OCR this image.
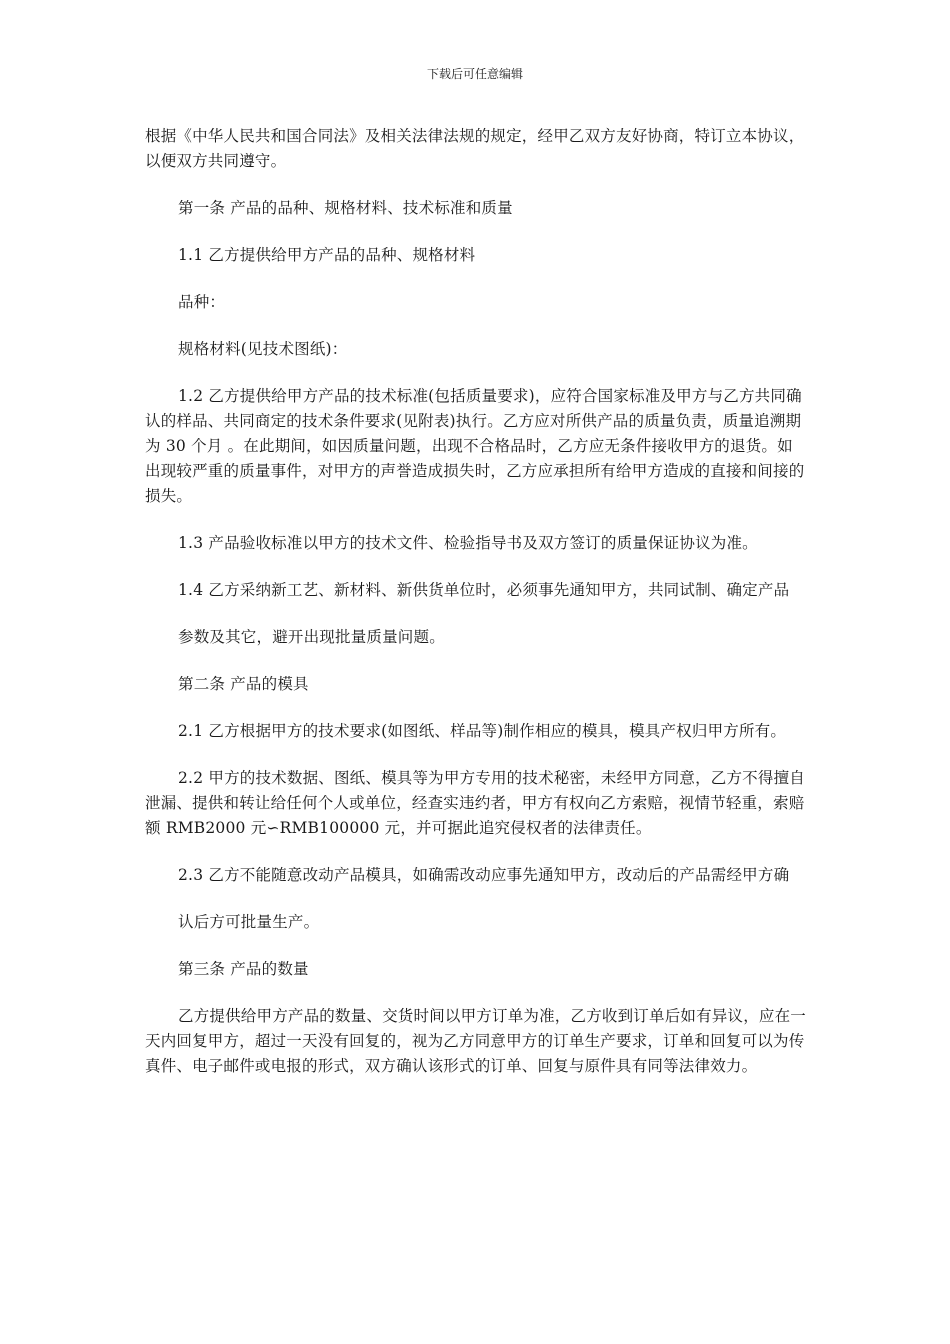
下载后可任意编辑

根据《中华人民共和国合同法》及相关法律法规的规定，经甲乙双方友好协商，特订立本协议，以便双方共同遵守。

第一条 产品的品种、规格材料、技术标准和质量

1.1 乙方提供给甲方产品的品种、规格材料

品种：

规格材料(见技术图纸)：

1.2 乙方提供给甲方产品的技术标准(包括质量要求)，应符合国家标准及甲方与乙方共同确认的样品、共同商定的技术条件要求(见附表)执行。乙方应对所供产品的质量负责，质量追溯期为 30 个月 。在此期间，如因质量问题，出现不合格品时，乙方应无条件接收甲方的退货。如出现较严重的质量事件，对甲方的声誉造成损失时，乙方应承担所有给甲方造成的直接和间接的损失。

1.3 产品验收标准以甲方的技术文件、检验指导书及双方签订的质量保证协议为准。

1.4 乙方采纳新工艺、新材料、新供货单位时，必须事先通知甲方，共同试制、确定产品

参数及其它，避开出现批量质量问题。

第二条 产品的模具

2.1 乙方根据甲方的技术要求(如图纸、样品等)制作相应的模具，模具产权归甲方所有。

2.2 甲方的技术数据、图纸、模具等为甲方专用的技术秘密，未经甲方同意，乙方不得擅自泄漏、提供和转让给任何个人或单位，经查实违约者，甲方有权向乙方索赔，视情节轻重，索赔额 RMB2000 元∽RMB100000 元，并可据此追究侵权者的法律责任。

2.3 乙方不能随意改动产品模具，如确需改动应事先通知甲方，改动后的产品需经甲方确

认后方可批量生产。

第三条 产品的数量

乙方提供给甲方产品的数量、交货时间以甲方订单为准，乙方收到订单后如有异议，应在一天内回复甲方，超过一天没有回复的，视为乙方同意甲方的订单生产要求，订单和回复可以为传真件、电子邮件或电报的形式，双方确认该形式的订单、回复与原件具有同等法律效力。
